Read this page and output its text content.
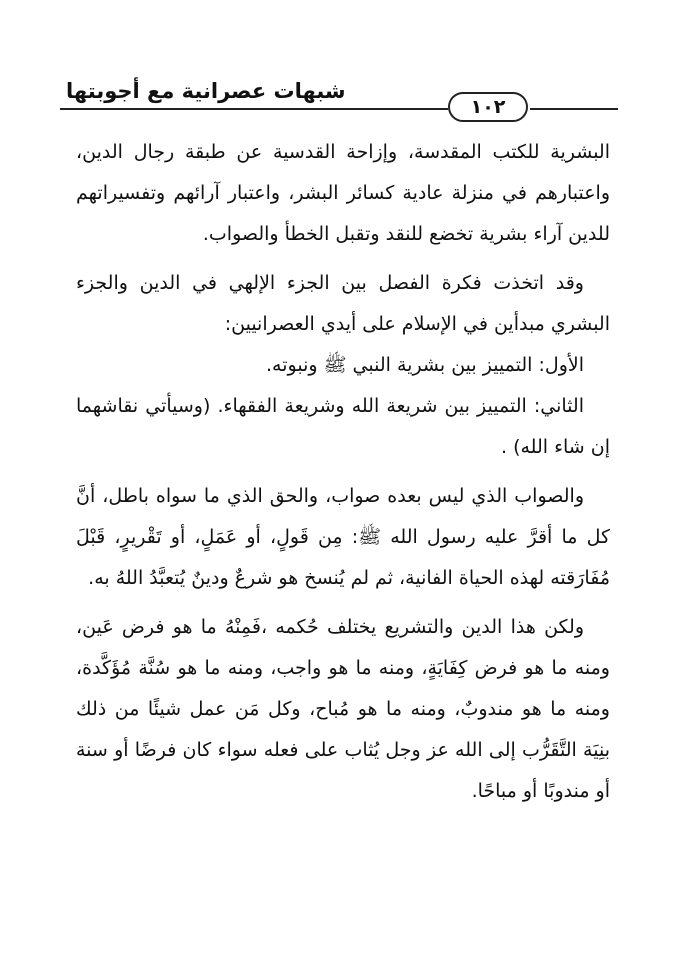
شبهات عصرانية مع أجوبتها
١٠٢

البشرية للكتب المقدسة، وإزاحة القدسية عن طبقة رجال الدين، واعتبارهم في منزلة عادية كسائر البشر، واعتبار آرائهم وتفسيراتهم للدين آراء بشرية تخضع للنقد وتقبل الخطأ والصواب.

وقد اتخذت فكرة الفصل بين الجزء الإلهي في الدين والجزء البشري مبدأين في الإسلام على أيدي العصرانيين:

الأول: التمييز بين بشرية النبي ﷺ ونبوته.

الثاني: التمييز بين شريعة الله وشريعة الفقهاء. (وسيأتي نقاشهما إن شاء الله) .

والصواب الذي ليس بعده صواب، والحق الذي ما سواه باطل، أنَّ كل ما أقرَّ عليه رسول الله ﷺ: مِن قَولٍ، أو عَمَلٍ، أو تَقْريرٍ، قَبْلَ مُفَارَقته لهذه الحياة الفانية، ثم لم يُنسخ هو شرعٌ ودينٌ يُتعبَّدُ اللهُ به.

ولكن هذا الدين والتشريع يختلف حُكمه ،فَمِنْهُ ما هو فرض عَين، ومنه ما هو فرض كِفَايَةٍ، ومنه ما هو واجب، ومنه ما هو سُنَّة مُؤَكَّدة، ومنه ما هو مندوبٌ، ومنه ما هو مُباح، وكل مَن عمل شيئًا من ذلك بنِيَة التَّقَرُّب إلى الله عز وجل يُثاب على فعله سواء كان فرضًا أو سنة أو مندوبًا أو مباحًا.
